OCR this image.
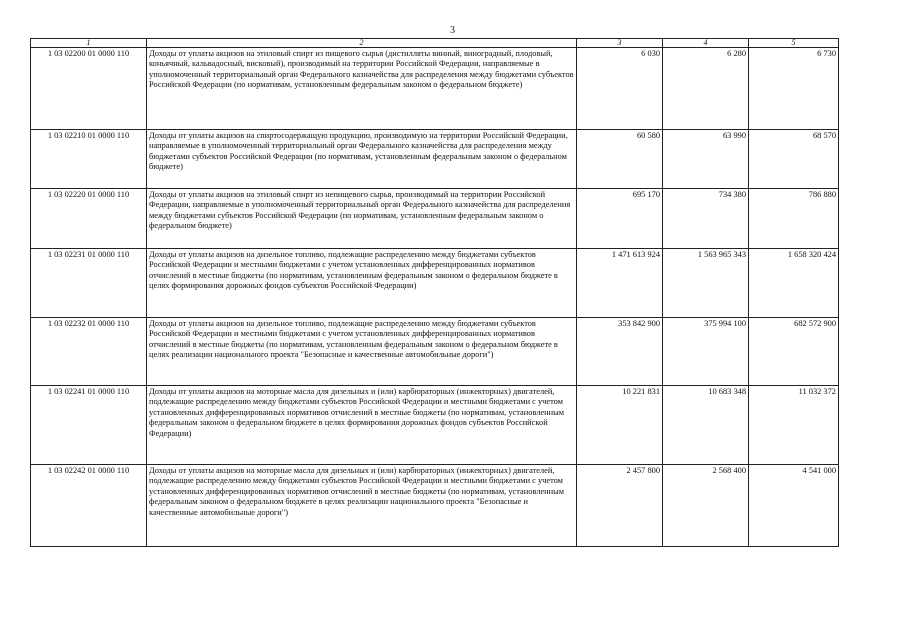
3
1	2	3	4	5
1 03 02200 01 0000 110	Доходы от уплаты акцизов на этиловый спирт из пищевого сырья (дистилляты винный, виноградный, плодовый, коньячный, кальвадосный, висковый), производимый на территории Российской Федерации, направляемые в уполномоченный территориальный орган Федерального казначейства для распределения между бюджетами субъектов Российской Федерации (по нормативам, установленным федеральным законом о федеральном бюджете)	6 030	6 280	6 730
1 03 02210 01 0000 110	Доходы от уплаты акцизов на спиртосодержащую продукцию, производимую на территории Российской Федерации, направляемые в уполномоченный территориальный орган Федерального казначейства для распределения между бюджетами субъектов Российской Федерации (по нормативам, установленным федеральным законом о федеральном бюджете)	60 580	63 990	68 570
1 03 02220 01 0000 110	Доходы от уплаты акцизов на этиловый спирт из непищевого сырья, производимый на территории Российской Федерации, направляемые в уполномоченный территориальный орган Федерального казначейства для распределения между бюджетами субъектов Российской Федерации (по нормативам, установленным федеральным законом о федеральном бюджете)	695 170	734 380	786 880
1 03 02231 01 0000 110	Доходы от уплаты акцизов на дизельное топливо, подлежащие распределению между бюджетами субъектов Российской Федерации и местными бюджетами с учетом установленных дифференцированных нормативов отчислений в местные бюджеты (по нормативам, установленным федеральным законом о федеральном бюджете в целях формирования дорожных фондов субъектов Российской Федерации)	1 471 613 924	1 563 965 343	1 658 320 424
1 03 02232 01 0000 110	Доходы от уплаты акцизов на дизельное топливо, подлежащие распределению между бюджетами субъектов Российской Федерации и местными бюджетами с учетом установленных дифференцированных нормативов отчислений в местные бюджеты (по нормативам, установленным федеральным законом о федеральном бюджете в целях реализации национального проекта "Безопасные и качественные автомобильные дороги")	353 842 900	375 994 100	682 572 900
1 03 02241 01 0000 110	Доходы от уплаты акцизов на моторные масла для дизельных и (или) карбюраторных (инжекторных) двигателей, подлежащие распределению между бюджетами субъектов Российской Федерации и местными бюджетами с учетом установленных дифференцированных нормативов отчислений в местные бюджеты (по нормативам, установленным федеральным законом о федеральном бюджете в целях формирования дорожных фондов субъектов Российской Федерации)	10 221 831	10 683 348	11 032 372
1 03 02242 01 0000 110	Доходы от уплаты акцизов на моторные масла для дизельных и (или) карбюраторных (инжекторных) двигателей, подлежащие распределению между бюджетами субъектов Российской Федерации и местными бюджетами с учетом установленных дифференцированных нормативов отчислений в местные бюджеты (по нормативам, установленным федеральным законом о федеральном бюджете в целях реализации национального проекта "Безопасные и качественные автомобильные дороги")	2 457 800	2 568 400	4 541 000
